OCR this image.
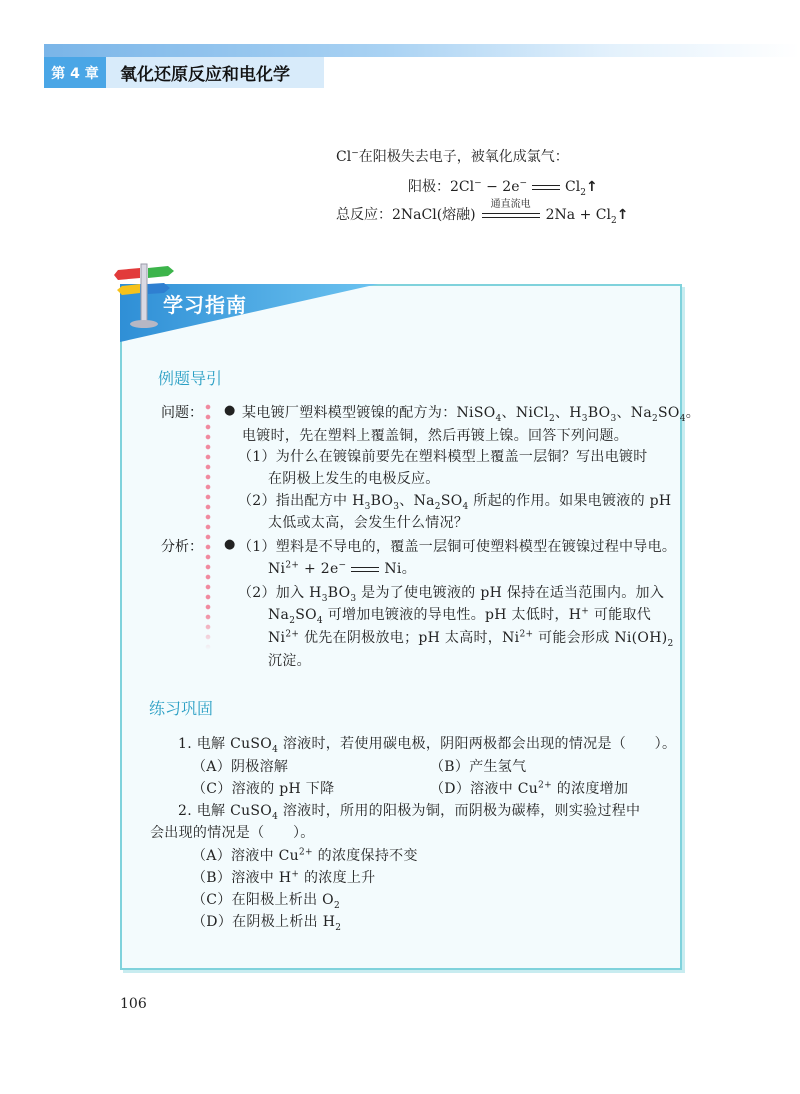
第 4 章	氧化还原反应和电化学
Cl−在阳极失去电子，被氧化成氯气：
阳极：2Cl− − 2e−	$Cl_2↑$
总反应：2NaCl(熔融)
通直流电
$2Na + Cl_2↑$
学习指南
例题导引
问题： ● 某电镀厂塑料模型镀镍的配方为：NiSO$_4$、NiCl$_2$、$H_3BO_3$、$Na_2SO_4$。
电镀时，先在塑料上覆盖铜，然后再镀上镍。回答下列问题。
（1）为什么在镀镍前要先在塑料模型上覆盖一层铜？写出电镀时
在阴极上发生的电极反应。
（2）指出配方中 $H_3BO_3$、$Na_2SO_4$ 所起的作用。如果电镀液的 pH
太低或太高，会发生什么情况？
分析： ● （1）塑料是不导电的，覆盖一层铜可使塑料模型在镀镍过程中导电。
$Ni^{2+} + 2e^-$	Ni。
（2）加入 $H_3BO_3$ 是为了使电镀液的 pH 保持在适当范围内。加入
$Na_2SO_4$ 可增加电镀液的导电性。pH 太低时，H+ 可能取代
$Ni^{2+}$ 优先在阴极放电；pH 太高时，$Ni^{2+}$ 可能会形成 $Ni(OH)_2$
沉淀。
练习巩固
1. 电解 CuSO$_4$ 溶液时，若使用碳电极，阴阳两极都会出现的情况是（　　）。
（A）阴极溶解	（B）产生氢气
（C）溶液的 pH 下降	（D）溶液中 $Cu^{2+}$ 的浓度增加
2. 电解 CuSO$_4$ 溶液时，所用的阳极为铜，而阴极为碳棒，则实验过程中
会出现的情况是（　　）。
（A）溶液中 $Cu^{2+}$ 的浓度保持不变
（B）溶液中 H+ 的浓度上升
（C）在阳极上析出 $O_2$
（D）在阴极上析出 $H_2$
106
